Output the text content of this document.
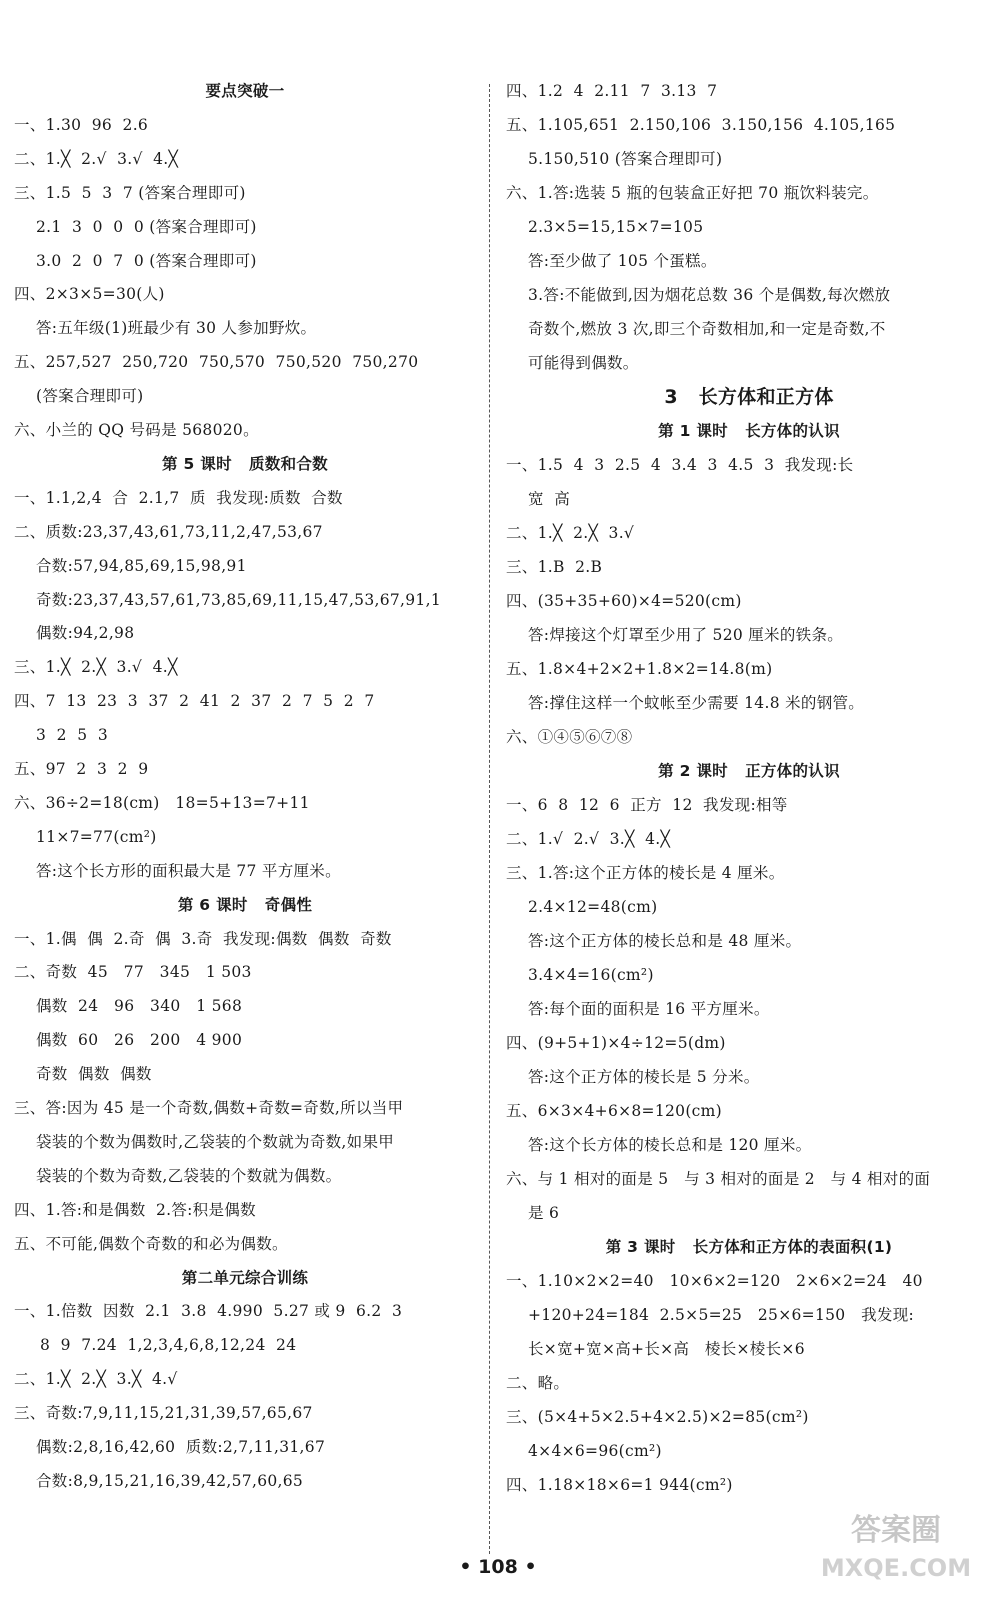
要点突破一
一、1.30  96  2.6
二、1.╳  2.√  3.√  4.╳
三、1.5  5  3  7 (答案合理即可)
2.1  3  0  0  0 (答案合理即可)
3.0  2  0  7  0 (答案合理即可)
四、2×3×5=30(人)
答:五年级(1)班最少有 30 人参加野炊。
五、257,527  250,720  750,570  750,520  750,270
(答案合理即可)
六、小兰的 QQ 号码是 568020。
第 5 课时   质数和合数
一、1.1,2,4  合  2.1,7  质  我发现:质数  合数
二、质数:23,37,43,61,73,11,2,47,53,67
合数:57,94,85,69,15,98,91
奇数:23,37,43,57,61,73,85,69,11,15,47,53,67,91,1
偶数:94,2,98
三、1.╳  2.╳  3.√  4.╳
四、7  13  23  3  37  2  41  2  37  2  7  5  2  7
3  2  5  3
五、97  2  3  2  9
六、36÷2=18(cm)   18=5+13=7+11
11×7=77(cm²)
答:这个长方形的面积最大是 77 平方厘米。
第 6 课时   奇偶性
一、1.偶  偶  2.奇  偶  3.奇  我发现:偶数  偶数  奇数
二、奇数  45   77   345   1 503
偶数  24   96   340   1 568
偶数  60   26   200   4 900
奇数  偶数  偶数
三、答:因为 45 是一个奇数,偶数+奇数=奇数,所以当甲
袋装的个数为偶数时,乙袋装的个数就为奇数,如果甲
袋装的个数为奇数,乙袋装的个数就为偶数。
四、1.答:和是偶数  2.答:积是偶数
五、不可能,偶数个奇数的和必为偶数。
第二单元综合训练
一、1.倍数  因数  2.1  3.8  4.990  5.27 或 9  6.2  3
8  9  7.24  1,2,3,4,6,8,12,24  24
二、1.╳  2.╳  3.╳  4.√
三、奇数:7,9,11,15,21,31,39,57,65,67
偶数:2,8,16,42,60  质数:2,7,11,31,67
合数:8,9,15,21,16,39,42,57,60,65
四、1.2  4  2.11  7  3.13  7
五、1.105,651  2.150,106  3.150,156  4.105,165
5.150,510 (答案合理即可)
六、1.答:选装 5 瓶的包装盒正好把 70 瓶饮料装完。
2.3×5=15,15×7=105
答:至少做了 105 个蛋糕。
3.答:不能做到,因为烟花总数 36 个是偶数,每次燃放
奇数个,燃放 3 次,即三个奇数相加,和一定是奇数,不
可能得到偶数。
3   长方体和正方体
第 1 课时   长方体的认识
一、1.5  4  3  2.5  4  3.4  3  4.5  3  我发现:长
宽  高
二、1.╳  2.╳  3.√
三、1.B  2.B
四、(35+35+60)×4=520(cm)
答:焊接这个灯罩至少用了 520 厘米的铁条。
五、1.8×4+2×2+1.8×2=14.8(m)
答:撑住这样一个蚊帐至少需要 14.8 米的钢管。
六、①④⑤⑥⑦⑧
第 2 课时   正方体的认识
一、6  8  12  6  正方  12  我发现:相等
二、1.√  2.√  3.╳  4.╳
三、1.答:这个正方体的棱长是 4 厘米。
2.4×12=48(cm)
答:这个正方体的棱长总和是 48 厘米。
3.4×4=16(cm²)
答:每个面的面积是 16 平方厘米。
四、(9+5+1)×4÷12=5(dm)
答:这个正方体的棱长是 5 分米。
五、6×3×4+6×8=120(cm)
答:这个长方体的棱长总和是 120 厘米。
六、与 1 相对的面是 5   与 3 相对的面是 2   与 4 相对的面
是 6
第 3 课时   长方体和正方体的表面积(1)
一、1.10×2×2=40   10×6×2=120   2×6×2=24   40
+120+24=184  2.5×5=25   25×6=150   我发现:
长×宽+宽×高+长×高   棱长×棱长×6
二、略。
三、(5×4+5×2.5+4×2.5)×2=85(cm²)
4×4×6=96(cm²)
四、1.18×18×6=1 944(cm²)
• 108 •
答案圈
MXQE.COM
